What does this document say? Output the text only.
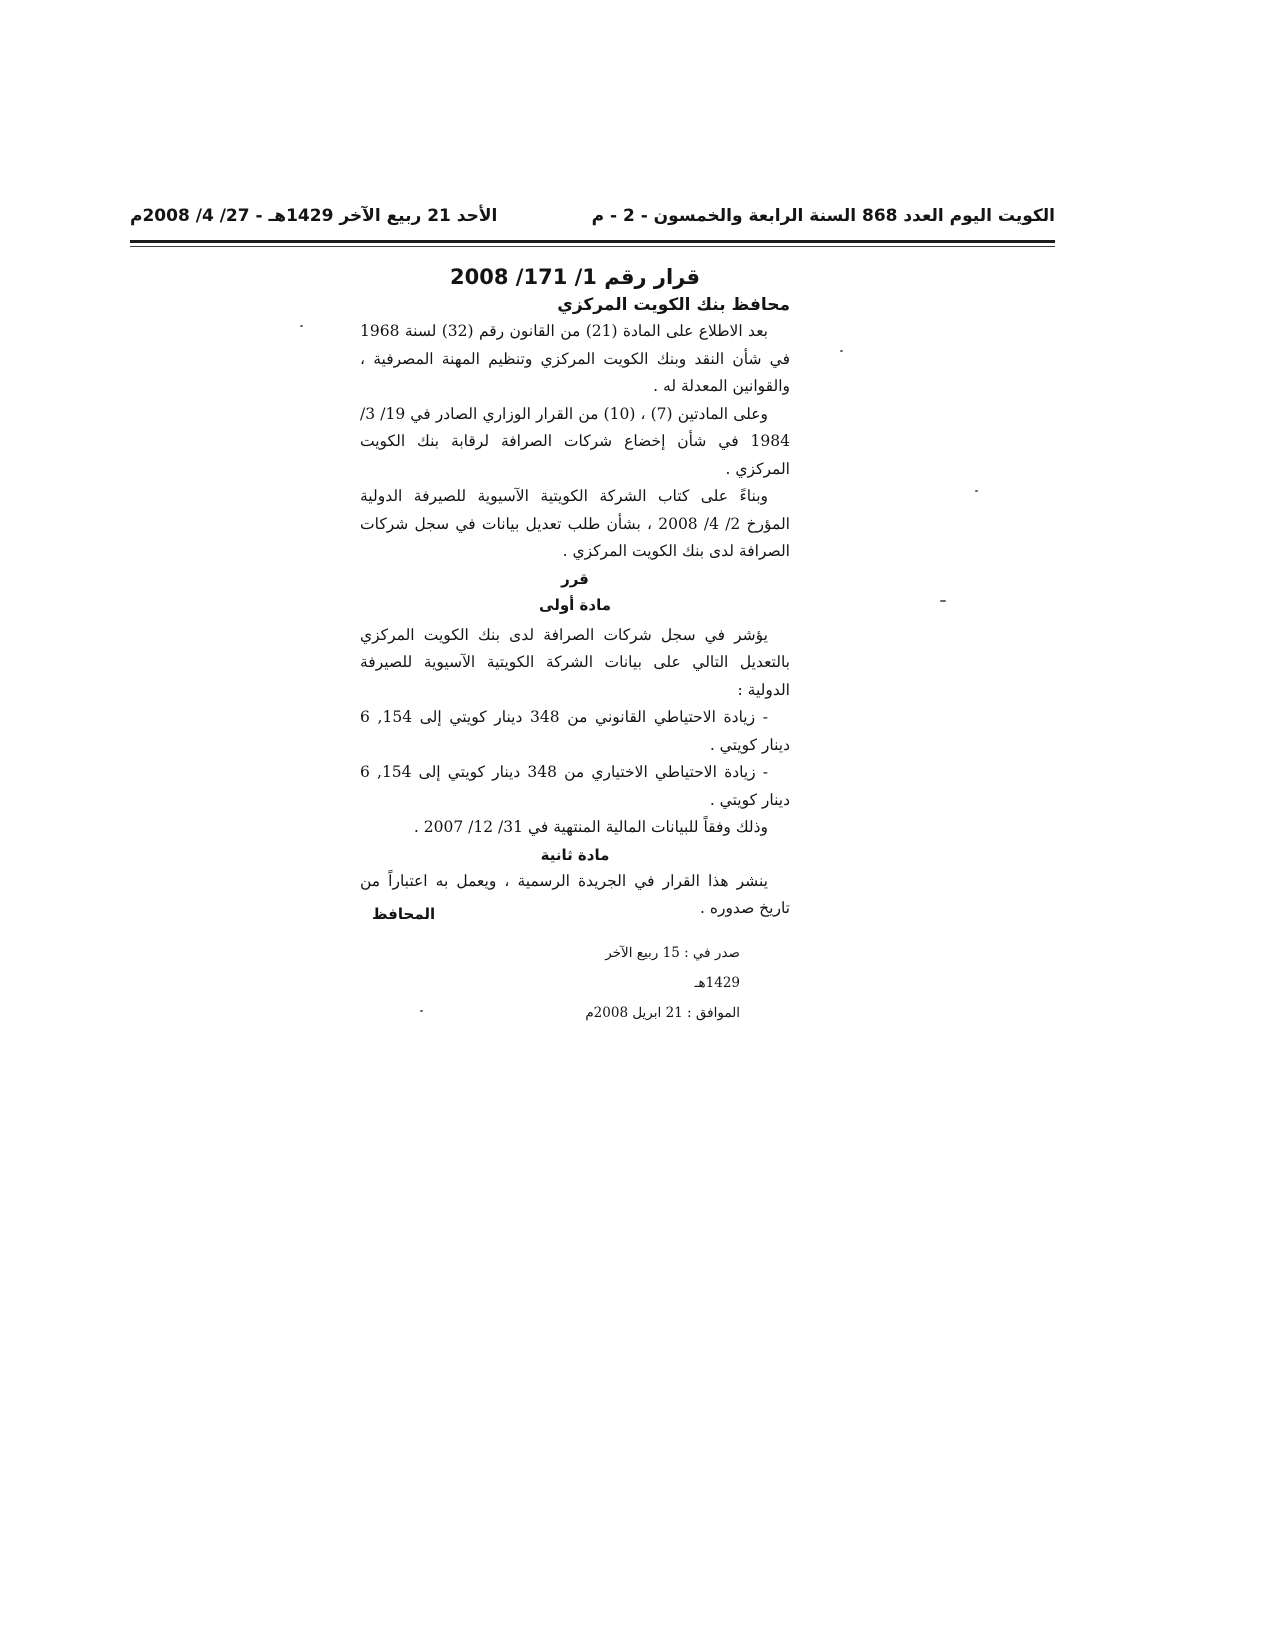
الكويت اليوم العدد 868 السنة الرابعة والخمسون - 2 - م
الأحد 21 ربيع الآخر 1429هـ - 27/ 4/ 2008م

قرار رقم 1/ 171/ 2008

محافظ بنك الكويت المركزي

بعد الاطلاع على المادة (21) من القانون رقم (32) لسنة 1968 في شأن النقد وبنك الكويت المركزي وتنظيم المهنة المصرفية ، والقوانين المعدلة له .

وعلى المادتين (7) ، (10) من القرار الوزاري الصادر في 19/ 3/ 1984 في شأن إخضاع شركات الصرافة لرقابة بنك الكويت المركزي .

وبناءً على كتاب الشركة الكويتية الآسيوية للصيرفة الدولية المؤرخ 2/ 4/ 2008 ، بشأن طلب تعديل بيانات في سجل شركات الصرافة لدى بنك الكويت المركزي .

قرر

مادة أولى

يؤشر في سجل شركات الصرافة لدى بنك الكويت المركزي بالتعديل التالي على بيانات الشركة الكويتية الآسيوية للصيرفة الدولية :

- زيادة الاحتياطي القانوني من 348 دينار كويتي إلى 154, 6 دينار كويتي .

- زيادة الاحتياطي الاختياري من 348 دينار كويتي إلى 154, 6 دينار كويتي .

وذلك وفقاً للبيانات المالية المنتهية في 31/ 12/ 2007 .

مادة ثانية

ينشر هذا القرار في الجريدة الرسمية ، ويعمل به اعتباراً من تاريخ صدوره .

المحافظ
صدر في : 15 ربيع الآخر 1429هـ
الموافق : 21 ابريل 2008م
